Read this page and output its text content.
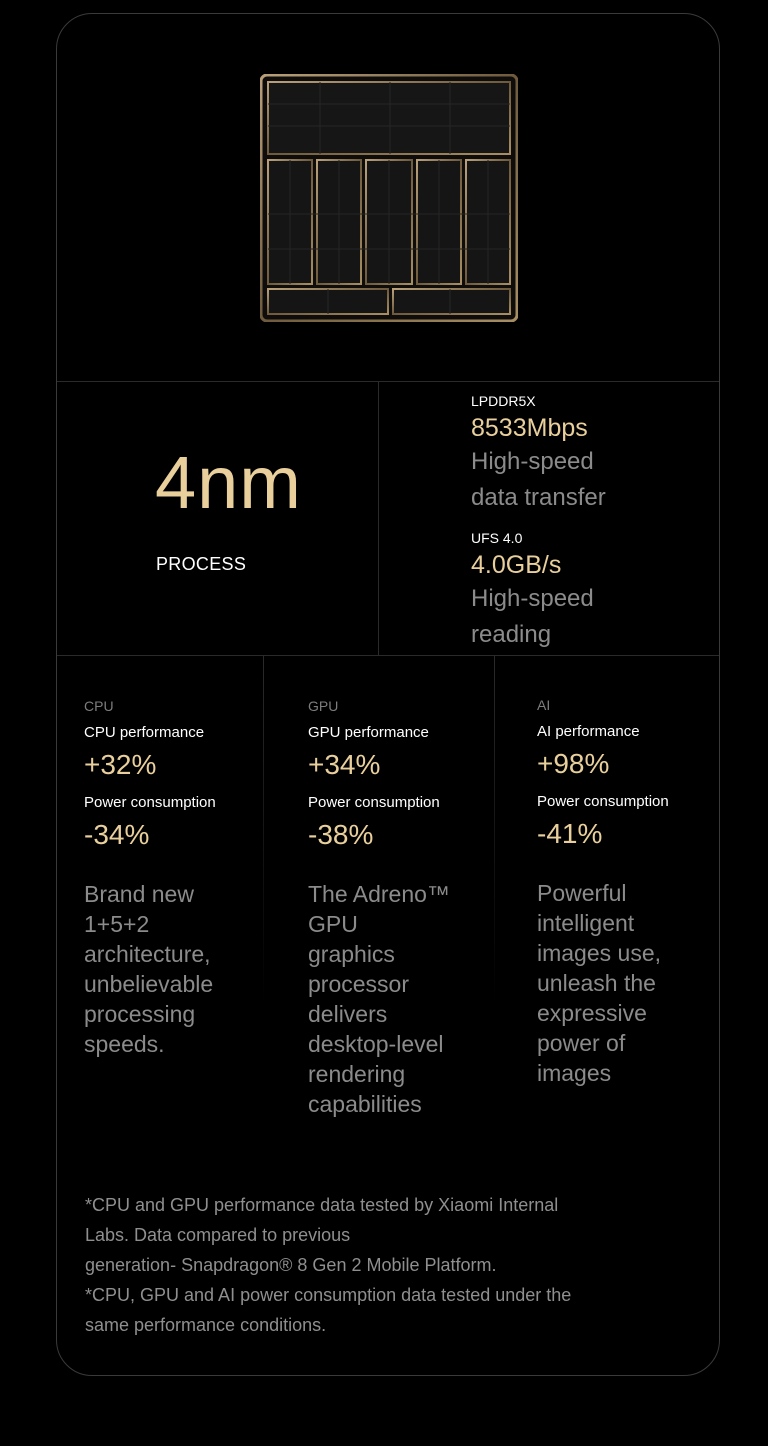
4nm
PROCESS
LPDDR5X
8533Mbps
High-speed
data transfer
UFS 4.0
4.0GB/s
High-speed
reading
CPU
CPU performance
+32%
Power consumption
-34%
Brand new
1+5+2
architecture,
unbelievable
processing
speeds.
GPU
GPU performance
+34%
Power consumption
-38%
The Adreno™
GPU
graphics
processor
delivers
desktop-level
rendering
capabilities
AI
AI performance
+98%
Power consumption
-41%
Powerful
intelligent
images use,
unleash the
expressive
power of
images
*CPU and GPU performance data tested by Xiaomi Internal
Labs. Data compared to previous
generation- Snapdragon® 8 Gen 2 Mobile Platform.
*CPU, GPU and AI power consumption data tested under the
same performance conditions.
